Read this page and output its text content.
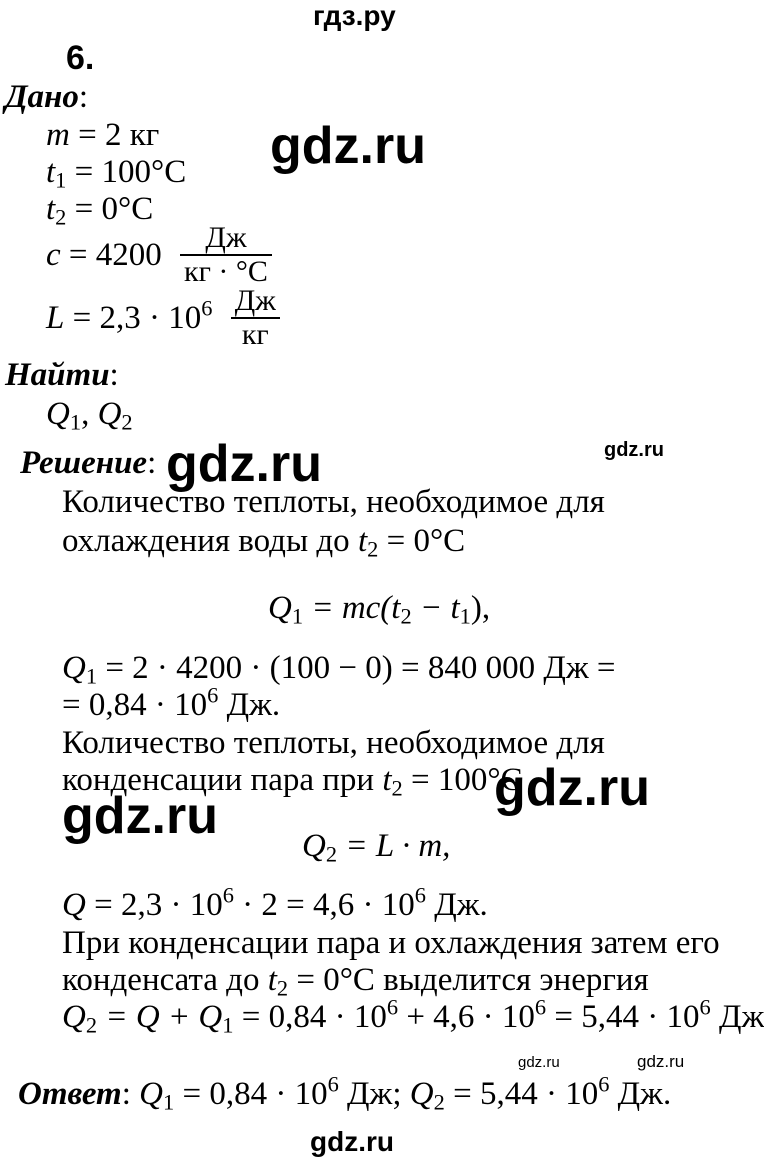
гдз.ру
6.
Дано:
m = 2 кг
$t_1 = 100^\circ C$
$t_2 = 0^\circ C$
$c = 4200 \frac{Дж}{кг \cdot ^\circ C}$
$L = 2,3 \cdot 10^6 \frac{Дж}{кг}$
Найти:
$Q_1$, $Q_2$
Решение:
Количество теплоты, необходимое для
охлаждения воды до $t_2 = 0^\circ C$
$Q_1 = mc(t_2 - t_1)$,
$Q_1 = 2 \cdot 4200 \cdot (100 - 0) = 840$ 000 Дж =
= $0,84 \cdot 10^6$ Дж.
Количество теплоты, необходимое для
конденсации пара при $t_2 = 100^\circ C$
$Q_2 = L \cdot m$,
$Q = 2,3 \cdot 10^6 \cdot 2 = 4,6 \cdot 10^6$ Дж.
При конденсации пара и охлаждения затем его
конденсата до $t_2 = 0^\circ C$ выделится энергия
$Q_2 = Q + Q_1 = 0,84 \cdot 10^6 + 4,6 \cdot 10^6 = 5,44 \cdot 10^6$ Дж
Ответ: $Q_1 = 0,84 \cdot 10^6$ Дж; $Q_2 = 5,44 \cdot 10^6$ Дж.
gdz.ru
gdz.ru
gdz.ru
gdz.ru
gdz.ru
gdz.ru	gdz.ru
gdz.ru
